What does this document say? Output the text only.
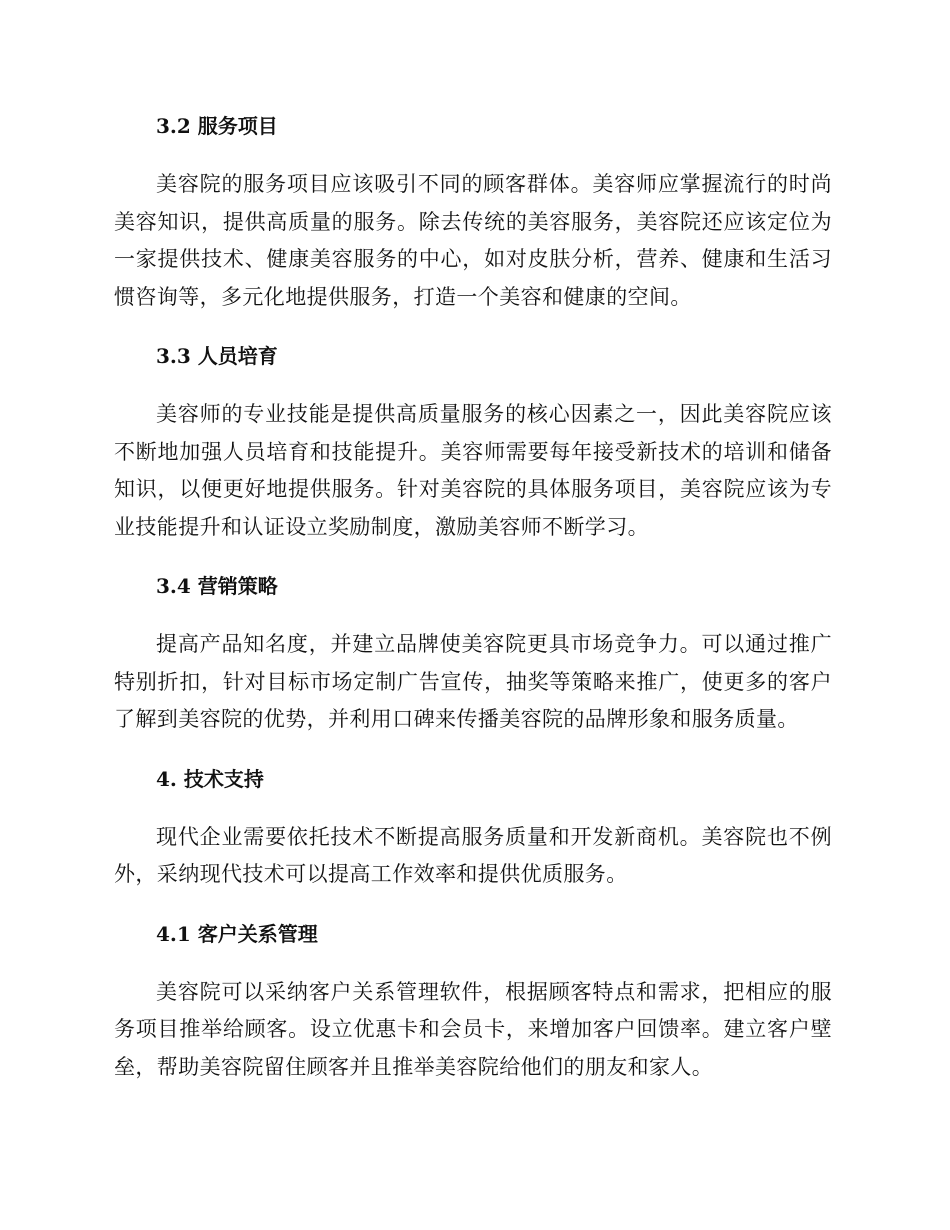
3.2 服务项目

美容院的服务项目应该吸引不同的顾客群体。美容师应掌握流行的时尚美容知识，提供高质量的服务。除去传统的美容服务，美容院还应该定位为一家提供技术、健康美容服务的中心，如对皮肤分析，营养、健康和生活习惯咨询等，多元化地提供服务，打造一个美容和健康的空间。

3.3 人员培育

美容师的专业技能是提供高质量服务的核心因素之一，因此美容院应该不断地加强人员培育和技能提升。美容师需要每年接受新技术的培训和储备知识，以便更好地提供服务。针对美容院的具体服务项目，美容院应该为专业技能提升和认证设立奖励制度，激励美容师不断学习。

3.4 营销策略

提高产品知名度，并建立品牌使美容院更具市场竞争力。可以通过推广特别折扣，针对目标市场定制广告宣传，抽奖等策略来推广，使更多的客户了解到美容院的优势，并利用口碑来传播美容院的品牌形象和服务质量。

4. 技术支持

现代企业需要依托技术不断提高服务质量和开发新商机。美容院也不例外，采纳现代技术可以提高工作效率和提供优质服务。

4.1 客户关系管理

美容院可以采纳客户关系管理软件，根据顾客特点和需求，把相应的服务项目推举给顾客。设立优惠卡和会员卡，来增加客户回馈率。建立客户壁垒，帮助美容院留住顾客并且推举美容院给他们的朋友和家人。
